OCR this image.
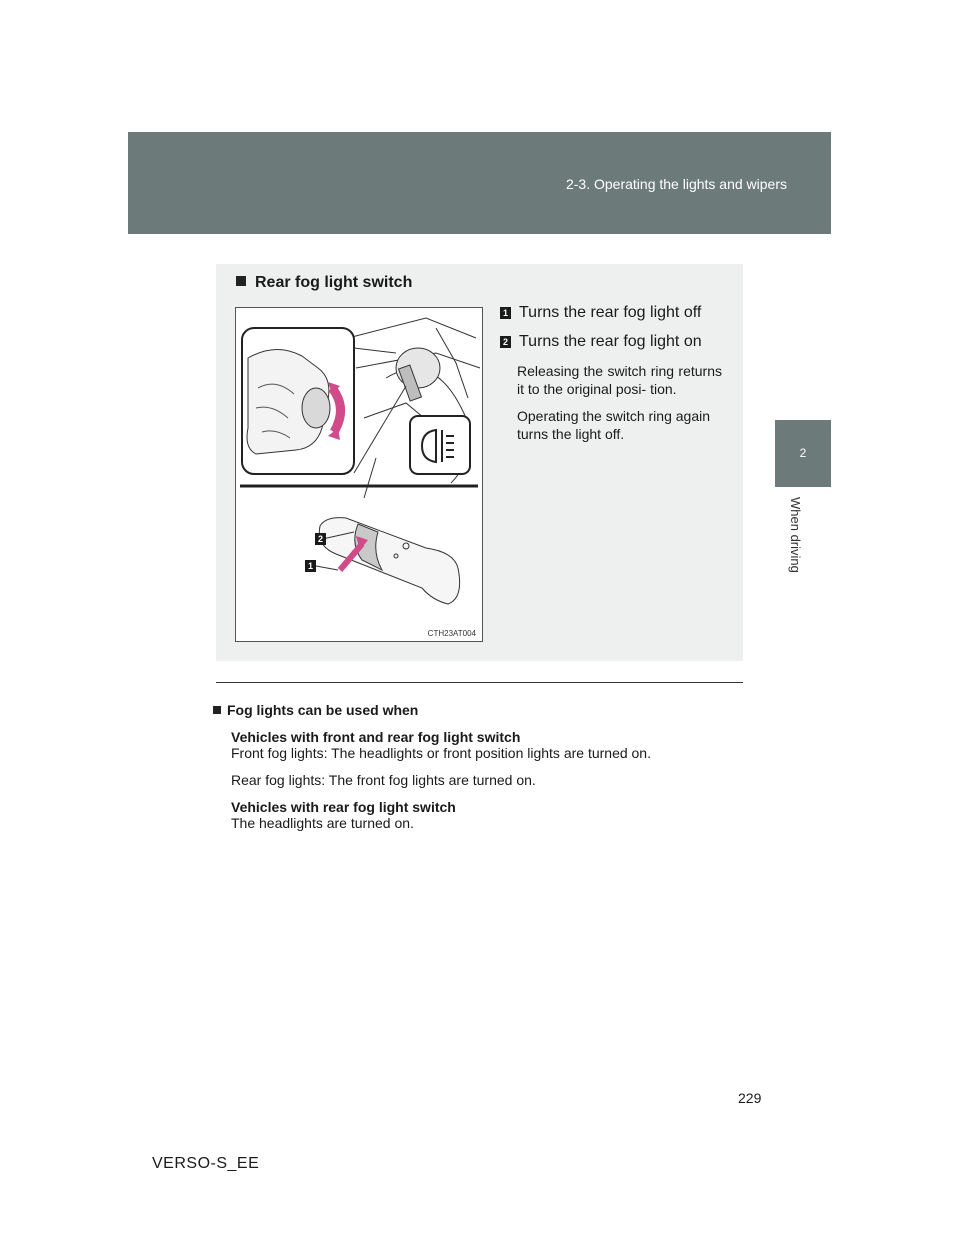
2-3. Operating the lights and wipers
2
When driving
Rear fog light switch
2
1
CTH23AT004
1 Turns the rear fog light off
2 Turns the rear fog light on
Releasing the switch ring returns it to the original posi- tion.
Operating the switch ring again turns the light off.
Fog lights can be used when
Vehicles with front and rear fog light switch
Front fog lights: The headlights or front position lights are turned on.
Rear fog lights: The front fog lights are turned on.
Vehicles with rear fog light switch
The headlights are turned on.
229
VERSO-S_EE
